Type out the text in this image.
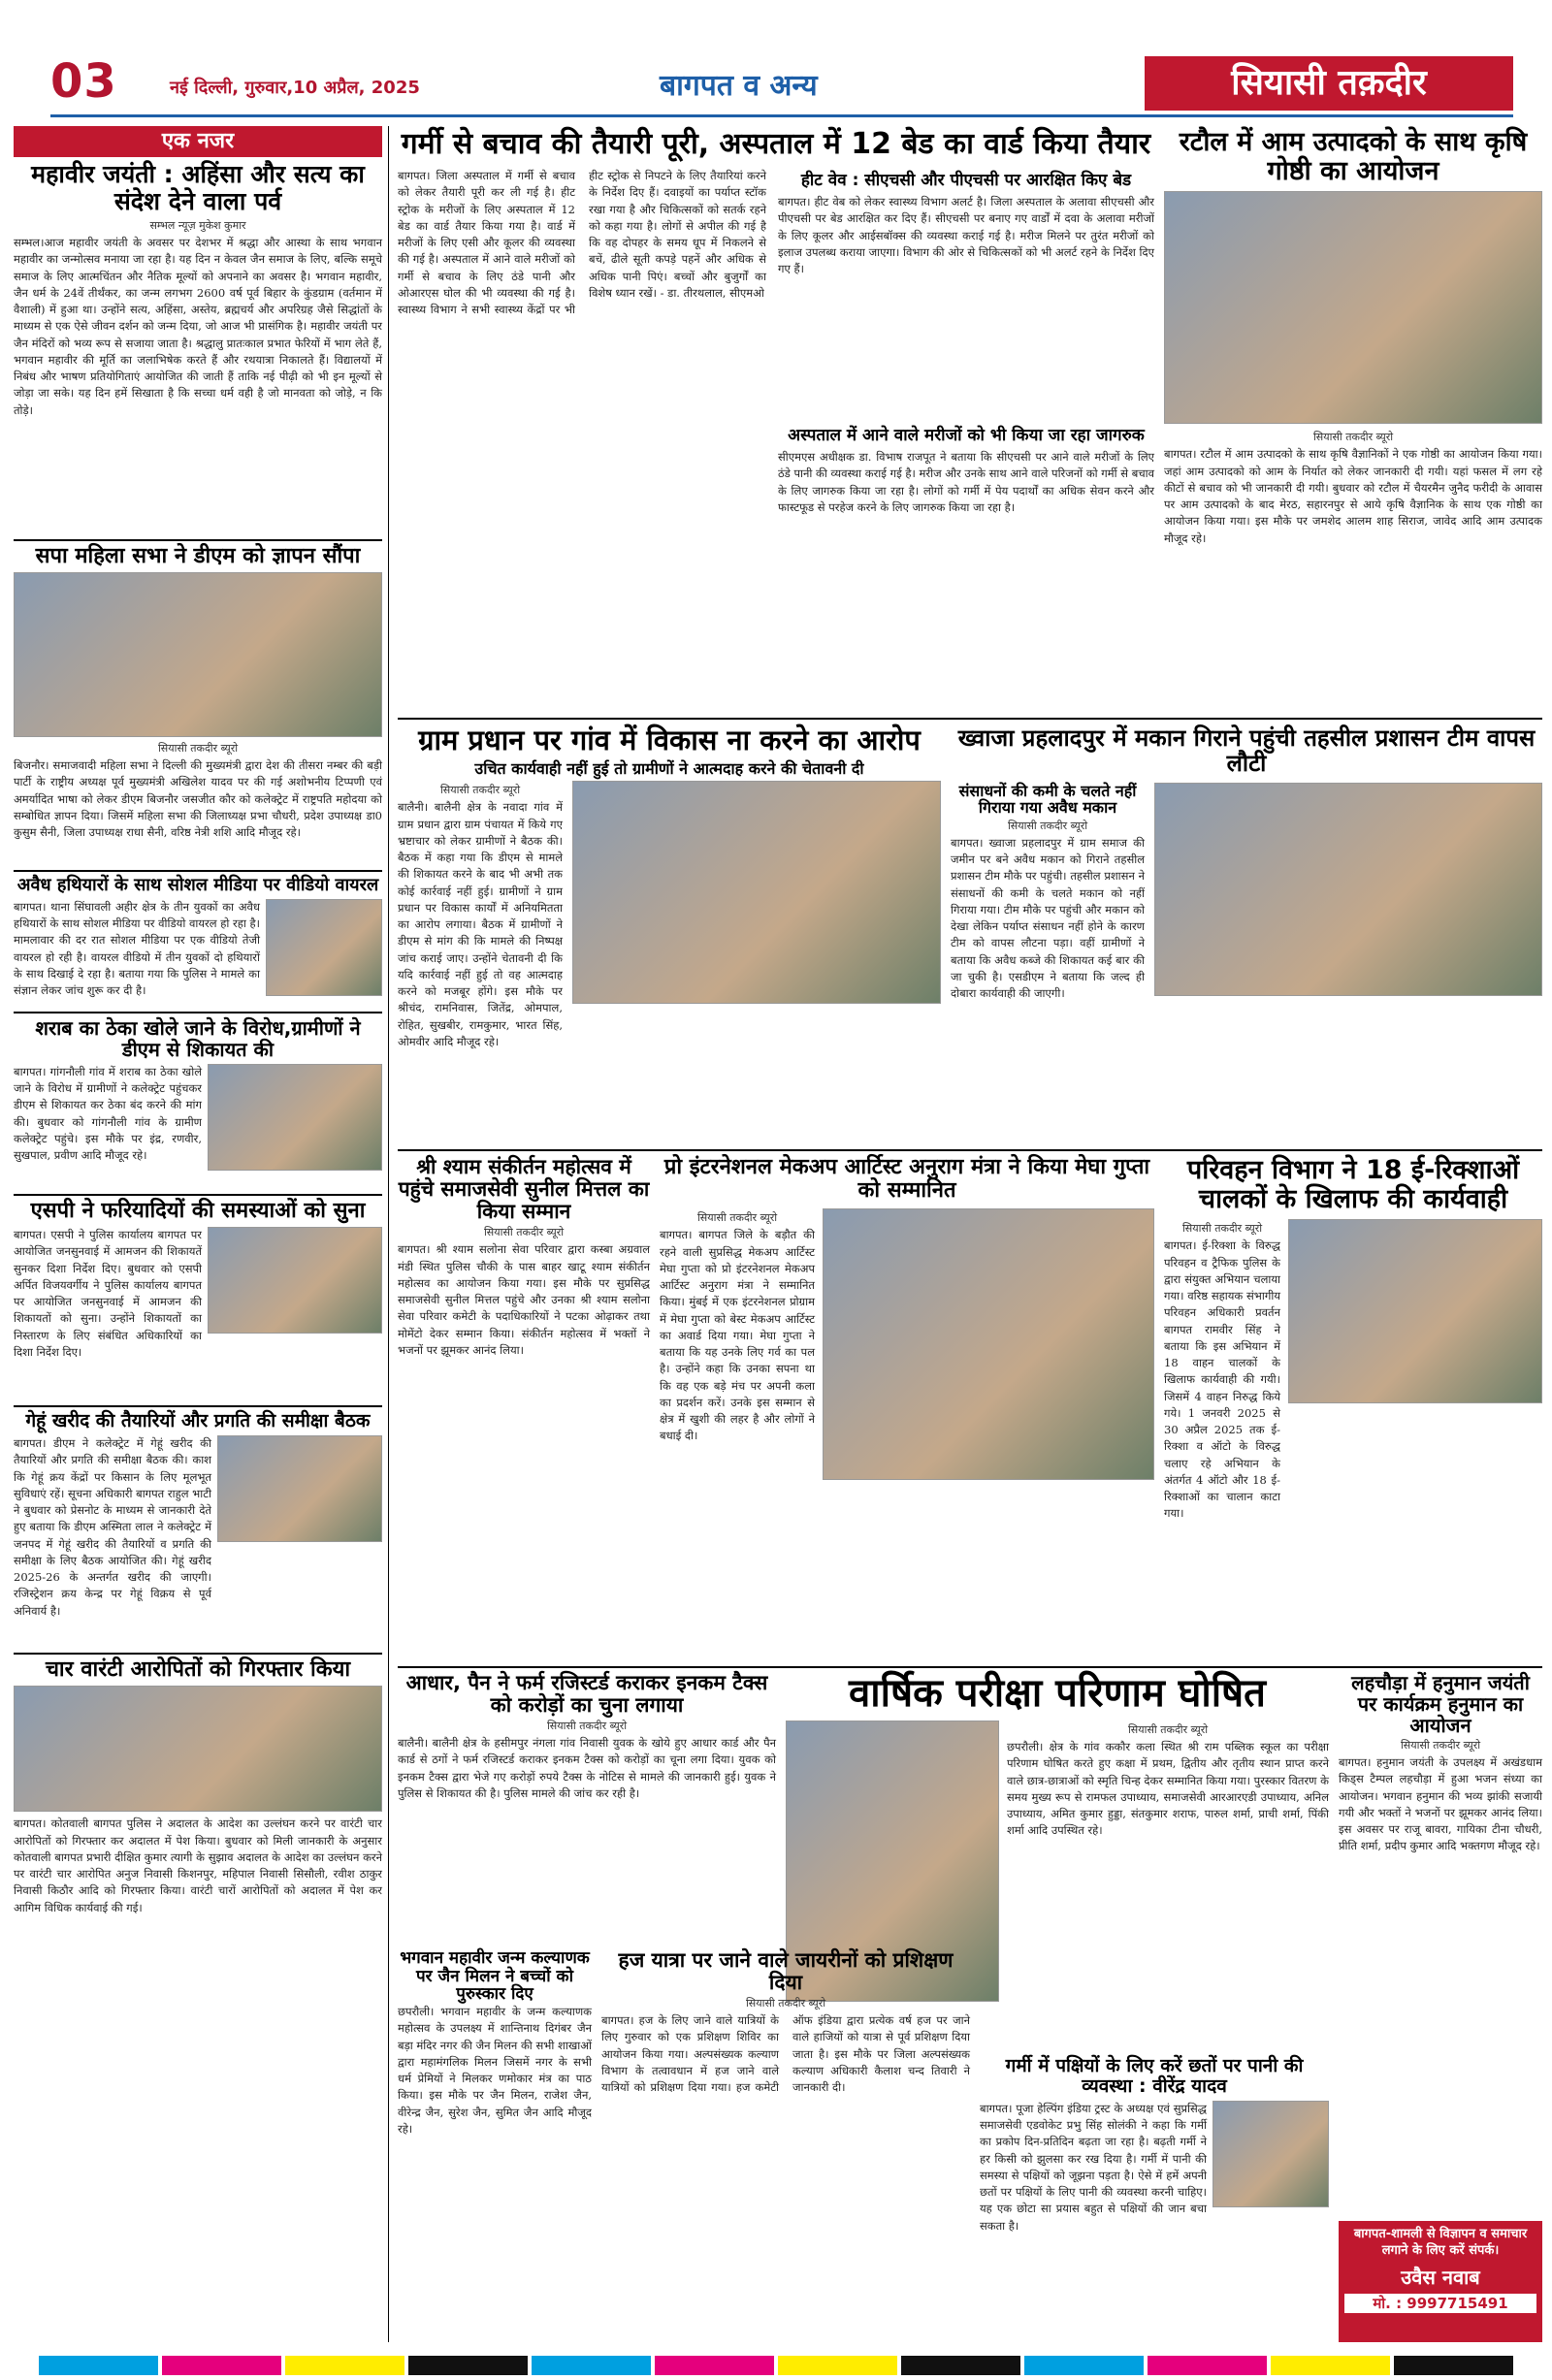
03	नई दिल्ली, गुरुवार,10 अप्रैल, 2025	बागपत व अन्य	सियासी तक़दीर
एक नजर
महावीर जयंती : अहिंसा और सत्य का संदेश देने वाला पर्व
सम्भल न्यूज़ मुकेश कुमार
सम्भल।आज महावीर जयंती के अवसर पर देशभर में श्रद्धा और आस्था के साथ भगवान महावीर का जन्मोत्सव मनाया जा रहा है। यह दिन न केवल जैन समाज के लिए, बल्कि समूचे समाज के लिए आत्मचिंतन और नैतिक मूल्यों को अपनाने का अवसर है। भगवान महावीर, जैन धर्म के 24वें तीर्थंकर, का जन्म लगभग 2600 वर्ष पूर्व बिहार के कुंडग्राम (वर्तमान में वैशाली) में हुआ था। उन्होंने सत्य, अहिंसा, अस्तेय, ब्रह्मचर्य और अपरिग्रह जैसे सिद्धांतों के माध्यम से एक ऐसे जीवन दर्शन को जन्म दिया, जो आज भी प्रासंगिक है। महावीर जयंती पर जैन मंदिरों को भव्य रूप से सजाया जाता है। श्रद्धालु प्रातःकाल प्रभात फेरियों में भाग लेते हैं, भगवान महावीर की मूर्ति का जलाभिषेक करते हैं और रथयात्रा निकालते हैं। विद्यालयों में निबंध और भाषण प्रतियोगिताएं आयोजित की जाती हैं ताकि नई पीढ़ी को भी इन मूल्यों से जोड़ा जा सके। यह दिन हमें सिखाता है कि सच्चा धर्म वही है जो मानवता को जोड़े, न कि तोड़े।
सपा महिला सभा ने डीएम को ज्ञापन सौंपा
सियासी तकदीर ब्यूरो
बिजनौर। समाजवादी महिला सभा ने दिल्ली की मुख्यमंत्री द्वारा देश की तीसरा नम्बर की बड़ी पार्टी के राष्ट्रीय अध्यक्ष पूर्व मुख्यमंत्री अखिलेश यादव पर की गई अशोभनीय टिप्पणी एवं अमर्यादित भाषा को लेकर डीएम बिजनौर जसजीत कौर को कलेक्ट्रेट में राष्ट्रपति महोदया को सम्बोधित ज्ञापन दिया। जिसमें महिला सभा की जिलाध्यक्ष प्रभा चौधरी, प्रदेश उपाध्यक्ष डा0 कुसुम सैनी, जिला उपाध्यक्ष राधा सैनी, वरिष्ठ नेत्री शशि आदि मौजूद रहे।
अवैध हथियारों के साथ सोशल मीडिया पर वीडियो वायरल
बागपत। थाना सिंघावली अहीर क्षेत्र के तीन युवकों का अवैध हथियारों के साथ सोशल मीडिया पर वीडियो वायरल हो रहा है। मामलावार की दर रात सोशल मीडिया पर एक वीडियो तेजी वायरल हो रही है। वायरल वीडियो में तीन युवकों दो हथियारों के साथ दिखाई दे रहा है। बताया गया कि पुलिस ने मामले का संज्ञान लेकर जांच शुरू कर दी है।
शराब का ठेका खोले जाने के विरोध,ग्रामीणों ने डीएम से शिकायत की
बागपत। गांगनौली गांव में शराब का ठेका खोले जाने के विरोध में ग्रामीणों ने कलेक्ट्रेट पहुंचकर डीएम से शिकायत कर ठेका बंद करने की मांग की। बुधवार को गांगनौली गांव के ग्रामीण कलेक्ट्रेट पहुंचे। इस मौके पर इंद्र, रणवीर, सुखपाल, प्रवीण आदि मौजूद रहे।
एसपी ने फरियादियों की समस्याओं को सुना
बागपत। एसपी ने पुलिस कार्यालय बागपत पर आयोजित जनसुनवाई में आमजन की शिकायतें सुनकर दिशा निर्देश दिए। बुधवार को एसपी अर्पित विजयवर्गीय ने पुलिस कार्यालय बागपत पर आयोजित जनसुनवाई में आमजन की शिकायतों को सुना। उन्होंने शिकायतों का निस्तारण के लिए संबंधित अधिकारियों का दिशा निर्देश दिए।
गेहूं खरीद की तैयारियों और प्रगति की समीक्षा बैठक
बागपत। डीएम ने कलेक्ट्रेट में गेहूं खरीद की तैयारियों और प्रगति की समीक्षा बैठक की। काश कि गेहूं क्रय केंद्रों पर किसान के लिए मूलभूत सुविधाएं रहें। सूचना अधिकारी बागपत राहुल भाटी ने बुधवार को प्रेसनोट के माध्यम से जानकारी देते हुए बताया कि डीएम अस्मिता लाल ने कलेक्ट्रेट में जनपद में गेहूं खरीद की तैयारियों व प्रगति की समीक्षा के लिए बैठक आयोजित की। गेहूं खरीद 2025-26 के अन्तर्गत खरीद की जाएगी। रजिस्ट्रेशन क्रय केन्द्र पर गेहूं विक्रय से पूर्व अनिवार्य है।
चार वारंटी आरोपितों को गिरफ्तार किया
बागपत। कोतवाली बागपत पुलिस ने अदालत के आदेश का उल्लंघन करने पर वारंटी चार आरोपितों को गिरफ्तार कर अदालत में पेश किया। बुधवार को मिली जानकारी के अनुसार कोतवाली बागपत प्रभारी दीक्षित कुमार त्यागी के सुझाव अदालत के आदेश का उल्लंघन करने पर वारंटी चार आरोपित अनुज निवासी किशनपुर, महिपाल निवासी सिसौली, रवीश ठाकुर निवासी किठौर आदि को गिरफ्तार किया। वारंटी चारों आरोपितों को अदालत में पेश कर आगिम विधिक कार्यवाई की गई।
गर्मी से बचाव की तैयारी पूरी, अस्पताल में 12 बेड का वार्ड किया तैयार
बागपत। जिला अस्पताल में गर्मी से बचाव को लेकर तैयारी पूरी कर ली गई है। हीट स्ट्रोक के मरीजों के लिए अस्पताल में 12 बेड का वार्ड तैयार किया गया है। वार्ड में मरीजों के लिए एसी और कूलर की व्यवस्था की गई है। अस्पताल में आने वाले मरीजों को गर्मी से बचाव के लिए ठंडे पानी और ओआरएस घोल की भी व्यवस्था की गई है। स्वास्थ्य विभाग ने सभी स्वास्थ्य केंद्रों पर भी हीट स्ट्रोक से निपटने के लिए तैयारियां करने के निर्देश दिए हैं। दवाइयों का पर्याप्त स्टॉक रखा गया है और चिकित्सकों को सतर्क रहने को कहा गया है। लोगों से अपील की गई है कि वह दोपहर के समय धूप में निकलने से बचें, ढीले सूती कपड़े पहनें और अधिक से अधिक पानी पिएं। बच्चों और बुजुर्गों का विशेष ध्यान रखें। - डा. तीरथलाल, सीएमओ
हीट वेव : सीएचसी और पीएचसी पर आरक्षित किए बेड
बागपत। हीट वेब को लेकर स्वास्थ्य विभाग अलर्ट है। जिला अस्पताल के अलावा सीएचसी और पीएचसी पर बेड आरक्षित कर दिए हैं। सीएचसी पर बनाए गए वार्डों में दवा के अलावा मरीजों के लिए कूलर और आईसबॉक्स की व्यवस्था कराई गई है। मरीज मिलने पर तुरंत मरीजों को इलाज उपलब्ध कराया जाएगा। विभाग की ओर से चिकित्सकों को भी अलर्ट रहने के निर्देश दिए गए हैं।
अस्पताल में आने वाले मरीजों को भी किया जा रहा जागरुक
सीएमएस अधीक्षक डा. विभाष राजपूत ने बताया कि सीएचसी पर आने वाले मरीजों के लिए ठंडे पानी की व्यवस्था कराई गई है। मरीज और उनके साथ आने वाले परिजनों को गर्मी से बचाव के लिए जागरुक किया जा रहा है। लोगों को गर्मी में पेय पदार्थों का अधिक सेवन करने और फास्टफूड से परहेज करने के लिए जागरुक किया जा रहा है।
रटौल में आम उत्पादको के साथ कृषि गोष्ठी का आयोजन
सियासी तकदीर ब्यूरो
बागपत। रटौल में आम उत्पादको के साथ कृषि वैज्ञानिकों ने एक गोष्ठी का आयोजन किया गया। जहां आम उत्पादको को आम के निर्यात को लेकर जानकारी दी गयी। यहां फसल में लग रहे कीटों से बचाव को भी जानकारी दी गयी। बुधवार को रटौल में चैयरमैन जुनैद फरीदी के आवास पर आम उत्पादको के बाद मेरठ, सहारनपुर से आये कृषि वैज्ञानिक के साथ एक गोष्ठी का आयोजन किया गया। इस मौके पर जमशेद आलम शाह सिराज, जावेद आदि आम उत्पादक मौजूद रहे।
ग्राम प्रधान पर गांव में विकास ना करने का आरोप
उचित कार्यवाही नहीं हुई तो ग्रामीणों ने आत्मदाह करने की चेतावनी दी
सियासी तकदीर ब्यूरो
बालैनी। बालैनी क्षेत्र के नवादा गांव में ग्राम प्रधान द्वारा ग्राम पंचायत में किये गए भ्रष्टाचार को लेकर ग्रामीणों ने बैठक की। बैठक में कहा गया कि डीएम से मामले की शिकायत करने के बाद भी अभी तक कोई कार्रवाई नहीं हुई। ग्रामीणों ने ग्राम प्रधान पर विकास कार्यों में अनियमितता का आरोप लगाया। बैठक में ग्रामीणों ने डीएम से मांग की कि मामले की निष्पक्ष जांच कराई जाए। उन्होंने चेतावनी दी कि यदि कार्रवाई नहीं हुई तो वह आत्मदाह करने को मजबूर होंगे। इस मौके पर श्रीचंद, रामनिवास, जितेंद्र, ओमपाल, रोहित, सुखबीर, रामकुमार, भारत सिंह, ओमवीर आदि मौजूद रहे।
ख्वाजा प्रहलादपुर में मकान गिराने पहुंची तहसील प्रशासन टीम वापस लौटी
संसाधनों की कमी के चलते नहीं गिराया गया अवैध मकान
सियासी तकदीर ब्यूरो
बागपत। ख्वाजा प्रहलादपुर में ग्राम समाज की जमीन पर बने अवैध मकान को गिराने तहसील प्रशासन टीम मौके पर पहुंची। तहसील प्रशासन ने संसाधनों की कमी के चलते मकान को नहीं गिराया गया। टीम मौके पर पहुंची और मकान को देखा लेकिन पर्याप्त संसाधन नहीं होने के कारण टीम को वापस लौटना पड़ा। वहीं ग्रामीणों ने बताया कि अवैध कब्जे की शिकायत कई बार की जा चुकी है। एसडीएम ने बताया कि जल्द ही दोबारा कार्यवाही की जाएगी।
श्री श्याम संकीर्तन महोत्सव में पहुंचे समाजसेवी सुनील मित्तल का किया सम्मान
सियासी तकदीर ब्यूरो
बागपत। श्री श्याम सलोना सेवा परिवार द्वारा कस्बा अग्रवाल मंडी स्थित पुलिस चौकी के पास बाहर खाटू श्याम संकीर्तन महोत्सव का आयोजन किया गया। इस मौके पर सुप्रसिद्ध समाजसेवी सुनील मित्तल पहुंचे और उनका श्री श्याम सलोना सेवा परिवार कमेटी के पदाधिकारियों ने पटका ओढ़ाकर तथा मोमेंटो देकर सम्मान किया। संकीर्तन महोत्सव में भक्तों ने भजनों पर झूमकर आनंद लिया।
प्रो इंटरनेशनल मेकअप आर्टिस्ट अनुराग मंत्रा ने किया मेघा गुप्ता को सम्मानित
सियासी तकदीर ब्यूरो
बागपत। बागपत जिले के बड़ौत की रहने वाली सुप्रसिद्ध मेकअप आर्टिस्ट मेघा गुप्ता को प्रो इंटरनेशनल मेकअप आर्टिस्ट अनुराग मंत्रा ने सम्मानित किया। मुंबई में एक इंटरनेशनल प्रोग्राम में मेघा गुप्ता को बेस्ट मेकअप आर्टिस्ट का अवार्ड दिया गया। मेघा गुप्ता ने बताया कि यह उनके लिए गर्व का पल है। उन्होंने कहा कि उनका सपना था कि वह एक बड़े मंच पर अपनी कला का प्रदर्शन करें। उनके इस सम्मान से क्षेत्र में खुशी की लहर है और लोगों ने बधाई दी।
परिवहन विभाग ने 18 ई-रिक्शाओं चालकों के खिलाफ की कार्यवाही
सियासी तकदीर ब्यूरो
बागपत। ई-रिक्शा के विरुद्ध परिवहन व ट्रैफिक पुलिस के द्वारा संयुक्त अभियान चलाया गया। वरिष्ठ सहायक संभागीय परिवहन अधिकारी प्रवर्तन बागपत रामवीर सिंह ने बताया कि इस अभियान में 18 वाहन चालकों के खिलाफ कार्यवाही की गयी। जिसमें 4 वाहन निरुद्ध किये गये। 1 जनवरी 2025 से 30 अप्रैल 2025 तक ई-रिक्शा व ऑटो के विरुद्ध चलाए रहे अभियान के अंतर्गत 4 ऑटो और 18 ई-रिक्शाओं का चालान काटा गया।
आधार, पैन ने फर्म रजिस्टर्ड कराकर इनकम टैक्स को करोड़ों का चुना लगाया
सियासी तकदीर ब्यूरो
बालैनी। बालैनी क्षेत्र के हसीमपुर नंगला गांव निवासी युवक के खोये हुए आधार कार्ड और पैन कार्ड से ठगों ने फर्म रजिस्टर्ड कराकर इनकम टैक्स को करोड़ों का चूना लगा दिया। युवक को इनकम टैक्स द्वारा भेजे गए करोड़ों रुपये टैक्स के नोटिस से मामले की जानकारी हुई। युवक ने पुलिस से शिकायत की है। पुलिस मामले की जांच कर रही है।
वार्षिक परीक्षा परिणाम घोषित
सियासी तकदीर ब्यूरो
छपरौली। क्षेत्र के गांव ककौर कला स्थित श्री राम पब्लिक स्कूल का परीक्षा परिणाम घोषित करते हुए कक्षा में प्रथम, द्वितीय और तृतीय स्थान प्राप्त करने वाले छात्र-छात्राओं को स्मृति चिन्ह देकर सम्मानित किया गया। पुरस्कार वितरण के समय मुख्य रूप से रामफल उपाध्याय, समाजसेवी आरआरएडी उपाध्याय, अनिल उपाध्याय, अमित कुमार हुड्डा, संतकुमार शराफ, पारुल शर्मा, प्राची शर्मा, पिंकी शर्मा आदि उपस्थित रहे।
लहचौड़ा में हनुमान जयंती पर कार्यक्रम हनुमान का आयोजन
सियासी तकदीर ब्यूरो
बागपत। हनुमान जयंती के उपलक्ष्य में अखंडधाम किड्स टैम्पल लहचौड़ा में हुआ भजन संध्या का आयोजन। भगवान हनुमान की भव्य झांकी सजायी गयी और भक्तों ने भजनों पर झूमकर आनंद लिया। इस अवसर पर राजू बावरा, गायिका टीना चौधरी, प्रीति शर्मा, प्रदीप कुमार आदि भक्तगण मौजूद रहे।
भगवान महावीर जन्म कल्याणक पर जैन मिलन ने बच्चों को पुरुस्कार दिए
छपरौली। भगवान महावीर के जन्म कल्याणक महोत्सव के उपलक्ष्य में शान्तिनाथ दिगंबर जैन बड़ा मंदिर नगर की जैन मिलन की सभी शाखाओं द्वारा महामंगलिक मिलन जिसमें नगर के सभी धर्म प्रेमियों ने मिलकर णमोकार मंत्र का पाठ किया। इस मौके पर जैन मिलन, राजेश जैन, वीरेन्द्र जैन, सुरेश जैन, सुमित जैन आदि मौजूद रहे।
हज यात्रा पर जाने वाले जायरीनों को प्रशिक्षण दिया
सियासी तकदीर ब्यूरो
बागपत। हज के लिए जाने वाले यात्रियों के लिए गुरुवार को एक प्रशिक्षण शिविर का आयोजन किया गया। अल्पसंख्यक कल्याण विभाग के तत्वावधान में हज जाने वाले यात्रियों को प्रशिक्षण दिया गया। हज कमेटी ऑफ इंडिया द्वारा प्रत्येक वर्ष हज पर जाने वाले हाजियों को यात्रा से पूर्व प्रशिक्षण दिया जाता है। इस मौके पर जिला अल्पसंख्यक कल्याण अधिकारी कैलाश चन्द तिवारी ने जानकारी दी।
गर्मी में पक्षियों के लिए करें छतों पर पानी की व्यवस्था : वीरेंद्र यादव
बागपत। पूजा हेल्पिंग इंडिया ट्रस्ट के अध्यक्ष एवं सुप्रसिद्ध समाजसेवी एडवोकेट प्रभु सिंह सोलंकी ने कहा कि गर्मी का प्रकोप दिन-प्रतिदिन बढ़ता जा रहा है। बढ़ती गर्मी ने हर किसी को झुलसा कर रख दिया है। गर्मी में पानी की समस्या से पक्षियों को जूझना पड़ता है। ऐसे में हमें अपनी छतों पर पक्षियों के लिए पानी की व्यवस्था करनी चाहिए। यह एक छोटा सा प्रयास बहुत से पक्षियों की जान बचा सकता है।
बागपत-शामली से विज्ञापन व समाचार लगाने के लिए करें संपर्क।
उवैस नवाब
मो. : 9997715491
